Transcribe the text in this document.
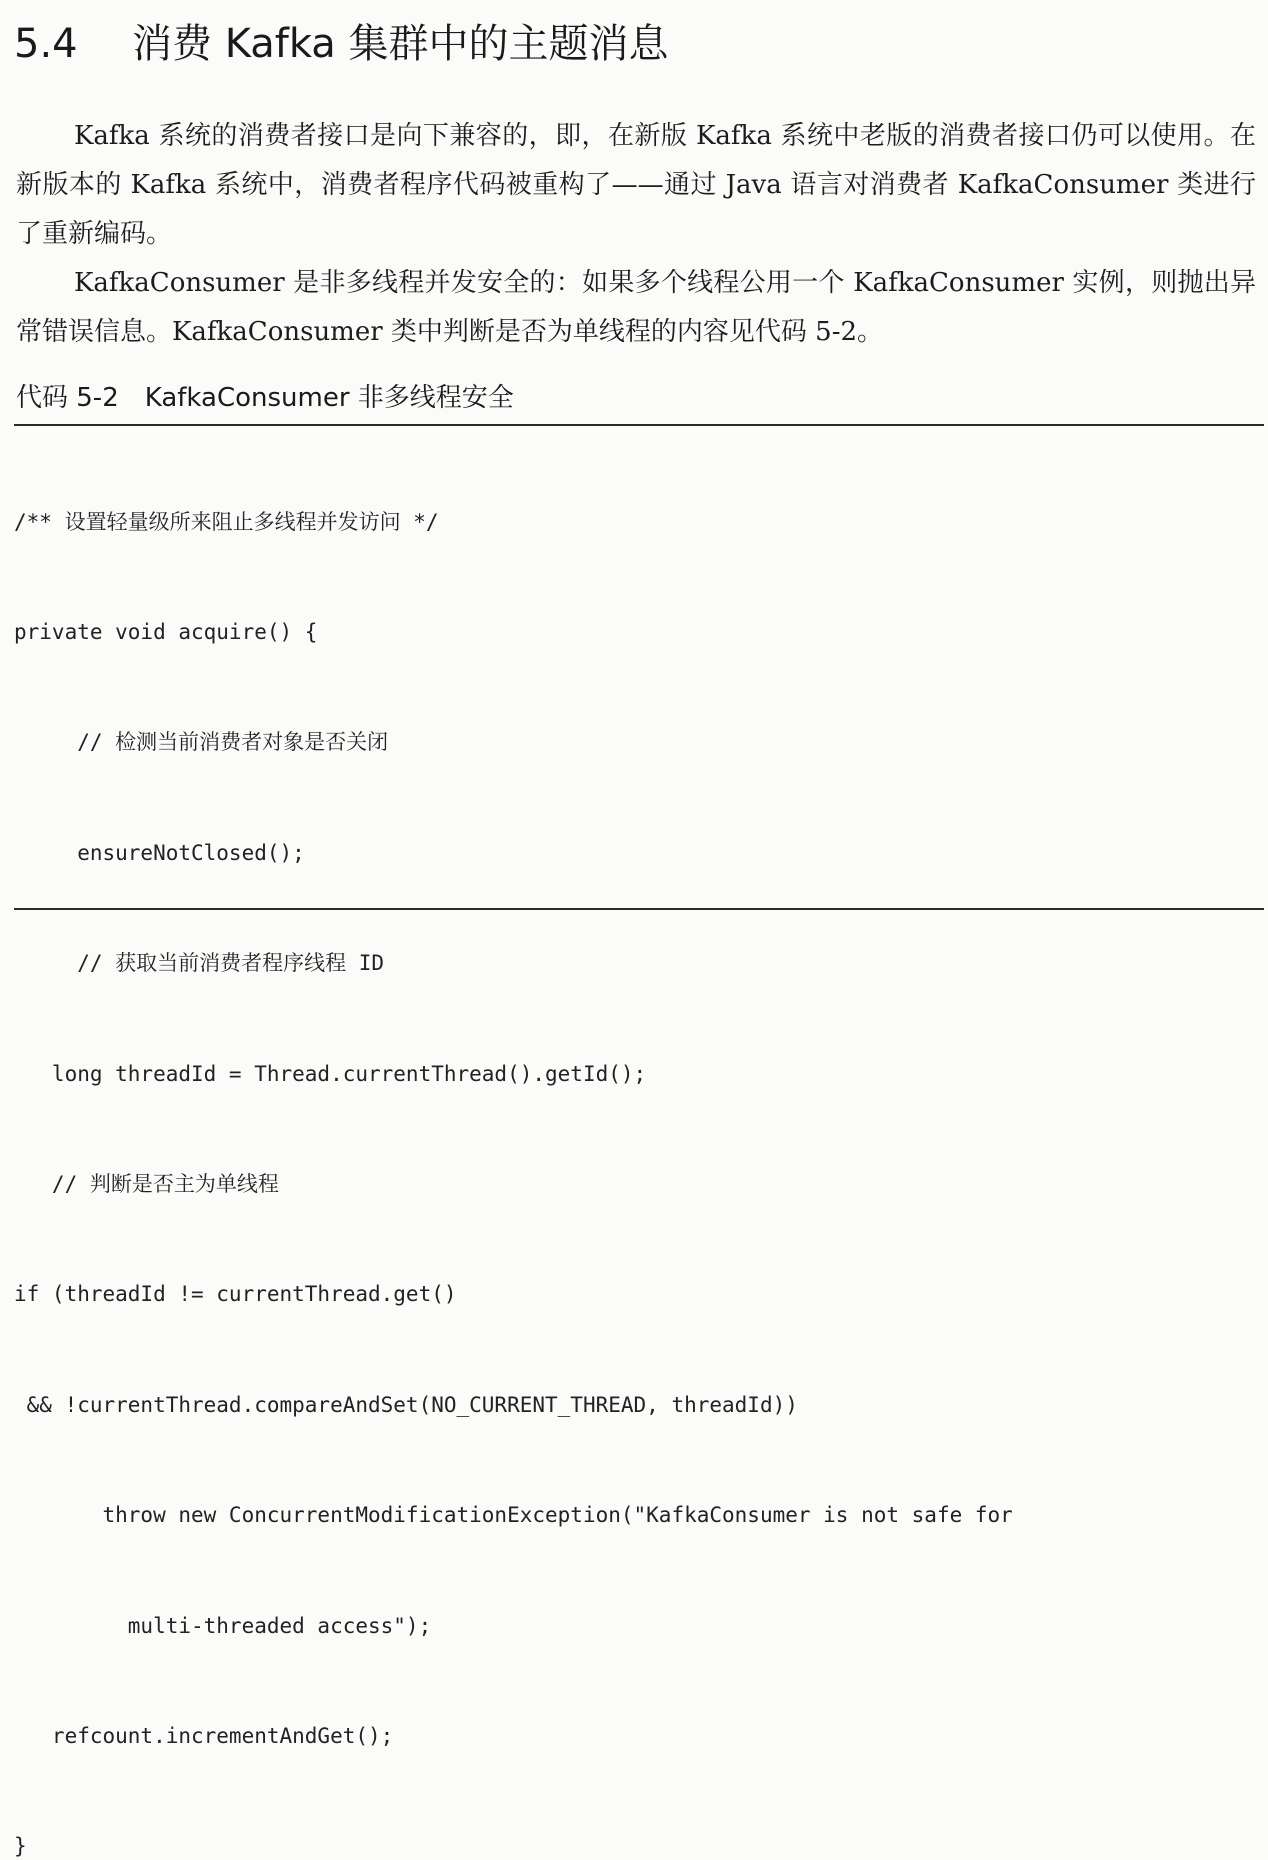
5.4 消费 Kafka 集群中的主题消息

Kafka 系统的消费者接口是向下兼容的，即，在新版 Kafka 系统中老版的消费者接口仍可以使用。在新版本的 Kafka 系统中，消费者程序代码被重构了——通过 Java 语言对消费者 KafkaConsumer 类进行了重新编码。

KafkaConsumer 是非多线程并发安全的：如果多个线程公用一个 KafkaConsumer 实例，则抛出异常错误信息。KafkaConsumer 类中判断是否为单线程的内容见代码 5-2。

代码 5-2 KafkaConsumer 非多线程安全

/** 设置轻量级所来阻止多线程并发访问 */

private void acquire() {

// 检测当前消费者对象是否关闭

ensureNotClosed();

// 获取当前消费者程序线程 ID

long threadId = Thread.currentThread().getId();

// 判断是否主为单线程

if (threadId != currentThread.get()

&& !currentThread.compareAndSet(NO_CURRENT_THREAD, threadId))

throw new ConcurrentModificationException("KafkaConsumer is not safe for

multi-threaded access");

refcount.incrementAndGet();

}
